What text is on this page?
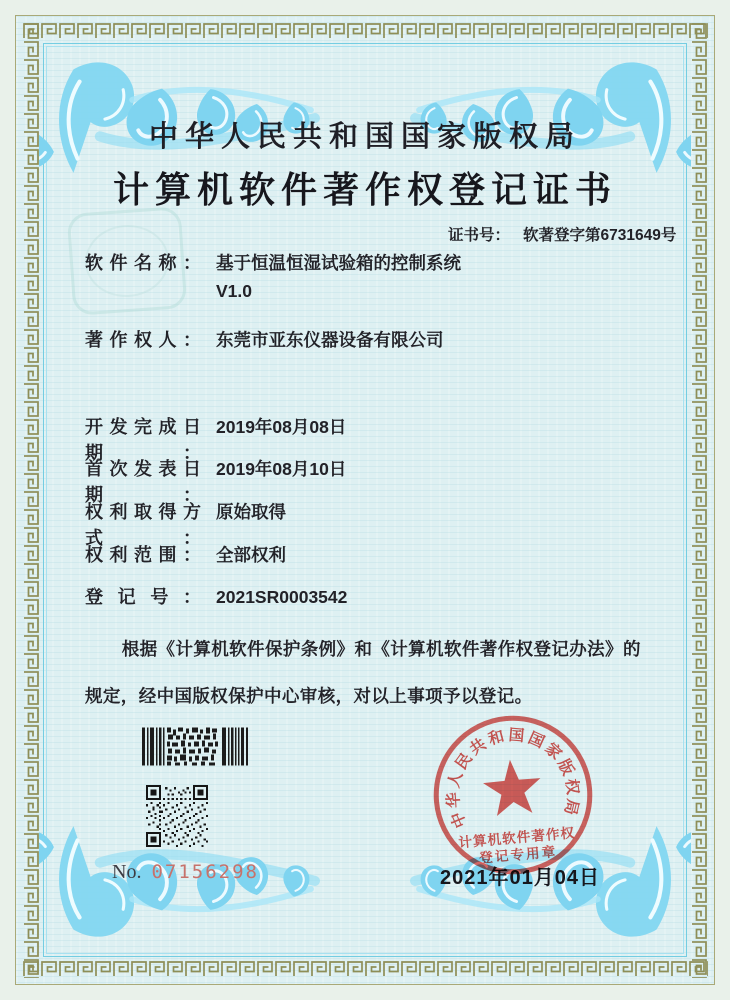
中华人民共和国国家版权局
计算机软件著作权登记证书
证书号： 软著登字第6731649号
软件名称： 基于恒温恒湿试验箱的控制系统
V1.0
著作权人： 东莞市亚东仪器设备有限公司
开发完成日期：
2019年08月08日
首次发表日期：
2019年08月10日
权利取得方式：
原始取得
权利范围： 全部权利
登记号： 2021SR0003542
根据《计算机软件保护条例》和《计算机软件著作权登记办法》的规定，经中国版权保护中心审核，对以上事项予以登记。
No. 07156298	2021年01月04日
中华人民共和国国家版权局
计算机软件著作权
登记专用章
